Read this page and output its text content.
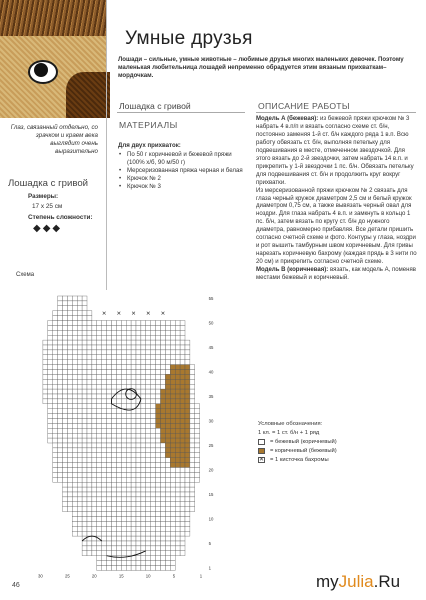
Глаз, связанный отдельно, со зрачком и краем века выглядит очень выразительно
Лошадка с гривой
Размеры:
17 х 25 см
Степень сложности:
◆◆◆
Умные друзья
Лошади – сильные, умные животные – любимые друзья многих маленьких девочек. Поэтому маленькая любительница лошадей непременно обрадуется этим вязаным прихваткам–мордочкам.
Лошадка с гривой
МАТЕРИАЛЫ
Для двух прихваток:
• По 50 г коричневой и бежевой пряжи (100% х/б, 90 м/50 г)
• Мерсеризованная пряжа черная и белая
• Крючок № 2
• Крючок № 3
ОПИСАНИЕ РАБОТЫ

Модель А (бежевая): из бежевой пряжи крючком № 3 набрать 4 в.п/п и вязать согласно схеме ст. б/н, постоянно заменяя 1-й ст. б/н каждого ряда 1 в.п. Всю работу обвязать ст. б/н, выполняя петельку для подвешивания в месте, отмеченном звездочкой. Для этого вязать до 2-й звездочки, затем набрать 14 в.п. и прикрепить у 1-й звездочки 1 пс. б/н. Обвязать петельку для подвешивания ст. б/н и продолжить круг вокруг прихватки.

Из мерсеризованной пряжи крючком № 2 связать для глаза черный кружок диаметром 2,5 см и белый кружок диаметром 0,75 см, а также вывязать черный овал для ноздри. Для глаза набрать 4 в.п. и замкнуть в кольцо 1 пс. б/н, затем вязать по кругу ст. б/н до нужного диаметра, равномерно прибавляя. Все детали пришить согласно счетной схеме и фото. Контуры у глаза, ноздри и рот вышить тамбурным швом коричневым. Для гривы нарезать коричневую бахрому (каждая прядь в 3 нити по 20 см) и прикрепить согласно счетной схеме.

Модель В (коричневая): вязать, как модель А, поменяв местами бежевый и коричневый.

Схема
55
50
45
40
35
30
25
20
15
10
5
1
30	25	20	15	10	5	1
Условные обозначения:
1 кл. = 1 ст. б/н + 1 ряд
= бежевый (коричневый)
= коричневый (бежевый)
✕ = 1 кисточка бахромы
46	myJulia.Ru
